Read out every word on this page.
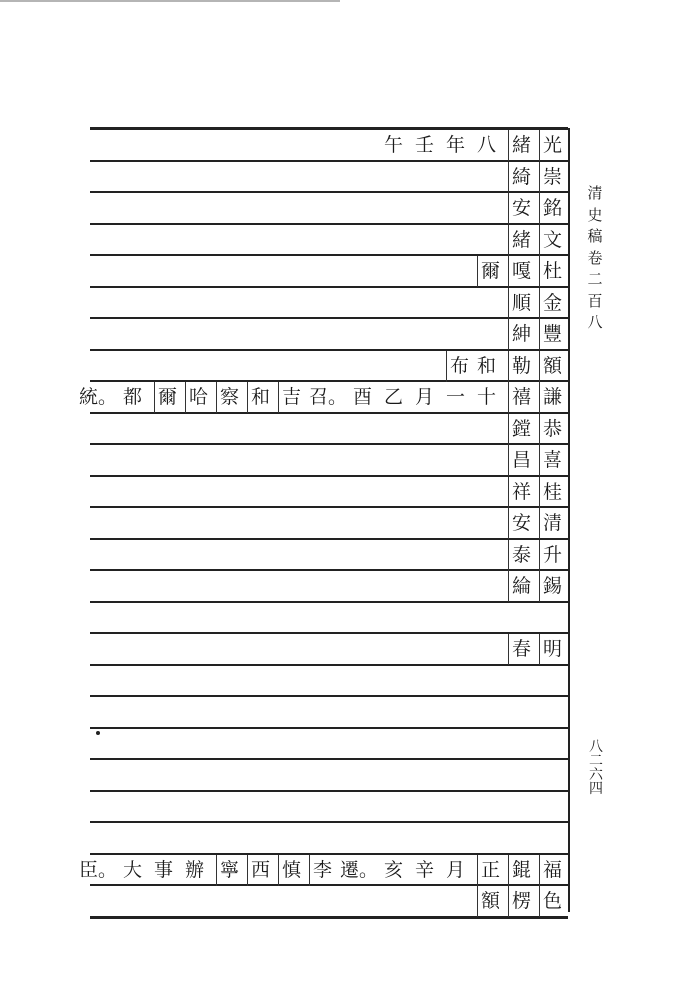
光
緒
八
年
壬
午
崇
綺
銘
安
文
緒
杜
嘎
爾
金
順
豐
紳
額
勒
和
布
謙
禧
十
一
月
乙
酉
召。
吉
和
察
哈
爾
都
統。
恭
鏜
喜
昌
桂
祥
清
安
升
泰
錫
綸
明
春
福
錕
正
月
辛
亥
遷。
李
慎
西
寧
辦
事
大
臣。
色
楞
額
清
史
稿
卷
二
百
八
八
二
六
四
